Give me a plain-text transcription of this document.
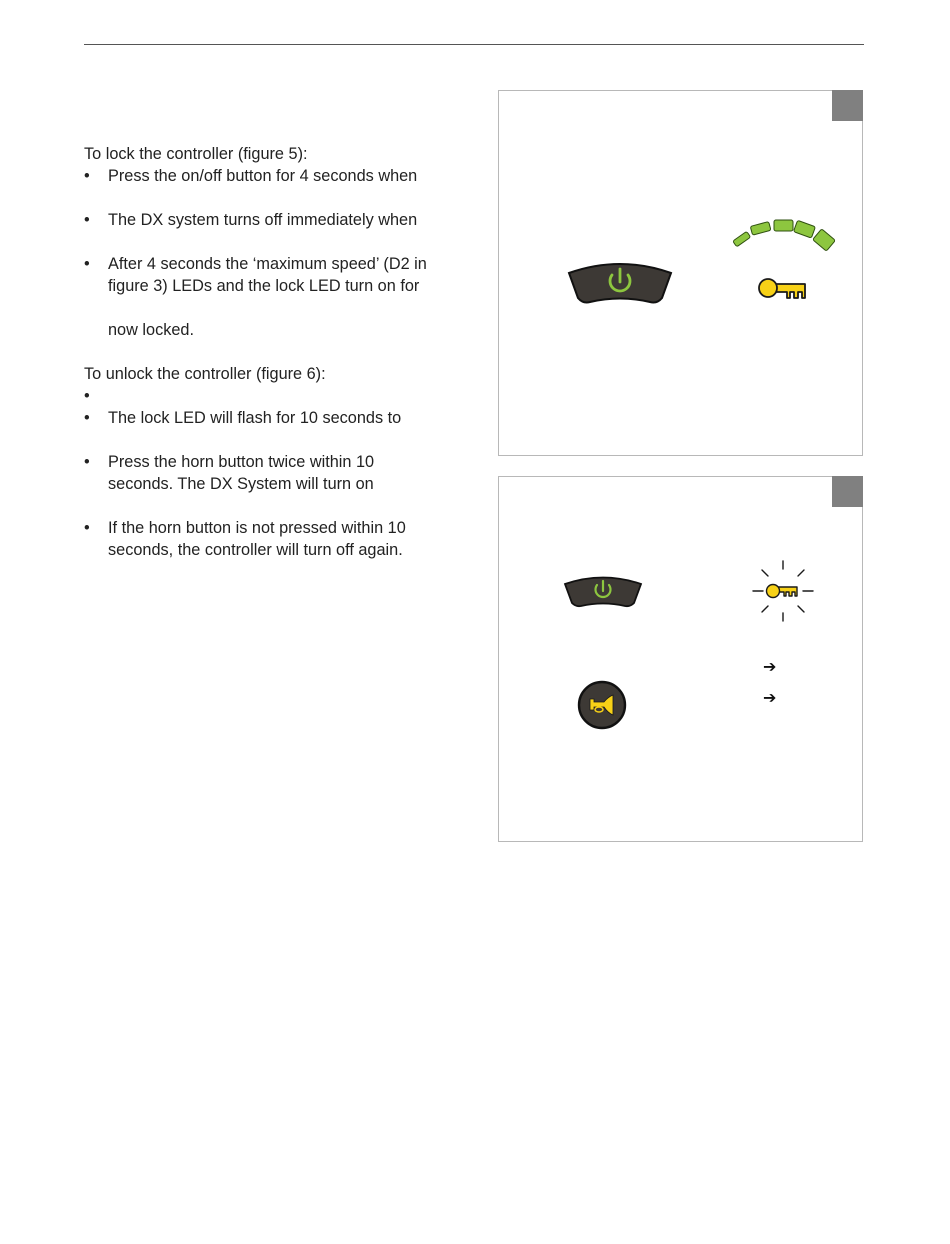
To lock the controller (figure 5):
•	Press the on/off button for 4 seconds when
•	The DX system turns off immediately when
•	After 4 seconds the ‘maximum speed’ (D2 in
figure 3) LEDs and the lock LED turn on for
now locked.
To unlock the controller (figure 6):
•
•	The lock LED will flash for 10 seconds to
•	Press the horn button twice within 10
seconds. The DX System will turn on
•	If the horn button is not pressed within 10
seconds, the controller will turn off again.
➔
➔
